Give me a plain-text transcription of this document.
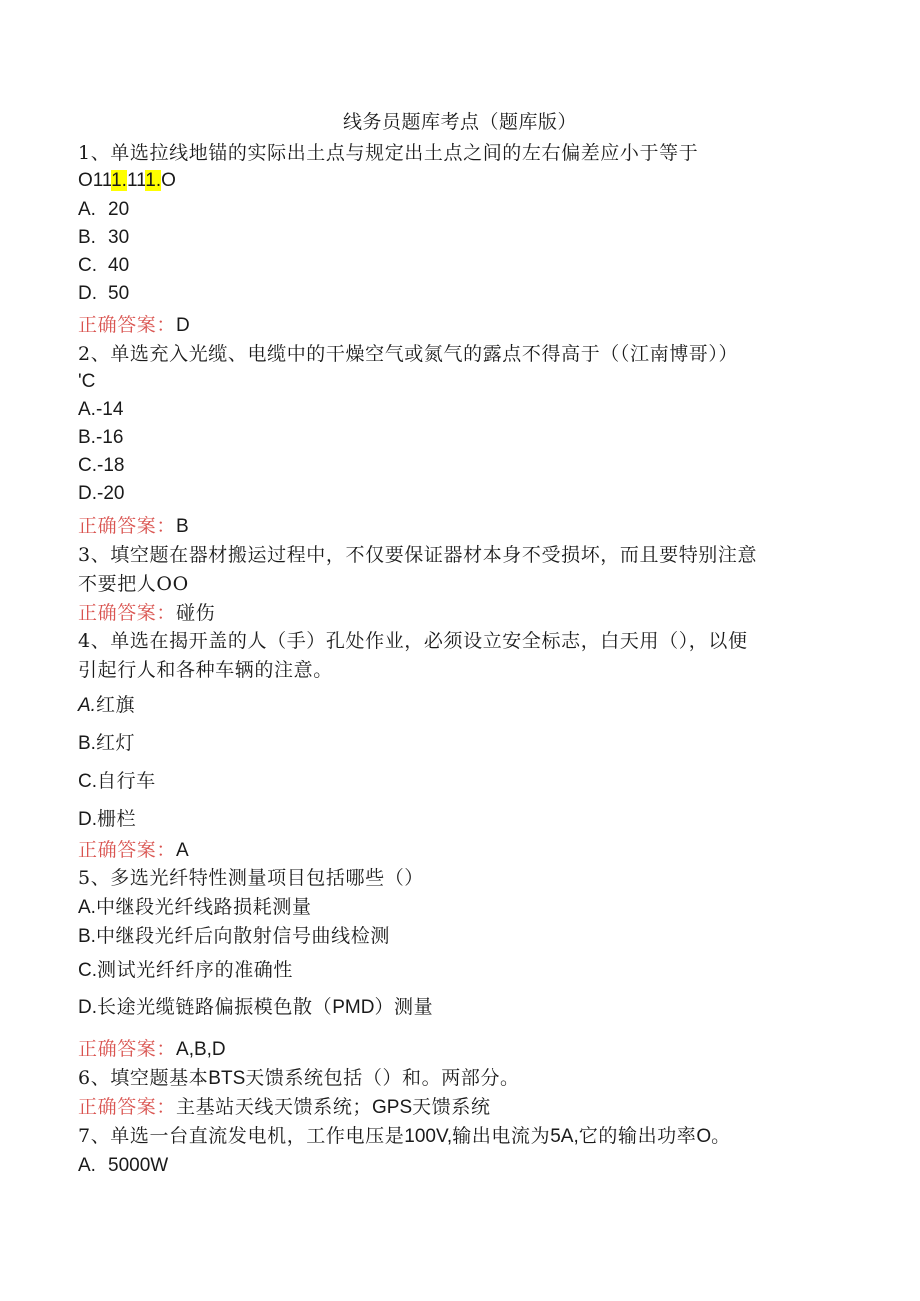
线务员题库考点（题库版）
1、单选拉线地锚的实际出土点与规定出土点之间的左右偏差应小于等于
O111.111.O
A. 20
B. 30
C. 40
D. 50
正确答案：D
2、单选充入光缆、电缆中的干燥空气或氮气的露点不得高于（（江南博哥））
'C
A.-14
B.-16
C.-18
D.-20
正确答案：B
3、填空题在器材搬运过程中，不仅要保证器材本身不受损坏，而且要特别注意
不要把人OO
正确答案：碰伤
4、单选在揭开盖的人（手）孔处作业，必须设立安全标志，白天用（），以便
引起行人和各种车辆的注意。
A.红旗
B.红灯
C.自行车
D.栅栏
正确答案：A
5、多选光纤特性测量项目包括哪些（）
A.中继段光纤线路损耗测量
B.中继段光纤后向散射信号曲线检测
C.测试光纤纤序的准确性
D.长途光缆链路偏振模色散（PMD）测量
正确答案：A,B,D
6、填空题基本BTS天馈系统包括（）和。两部分。
正确答案：主基站天线天馈系统；GPS天馈系统
7、单选一台直流发电机，工作电压是100V,输出电流为5A,它的输出功率O。
A. 5000W
